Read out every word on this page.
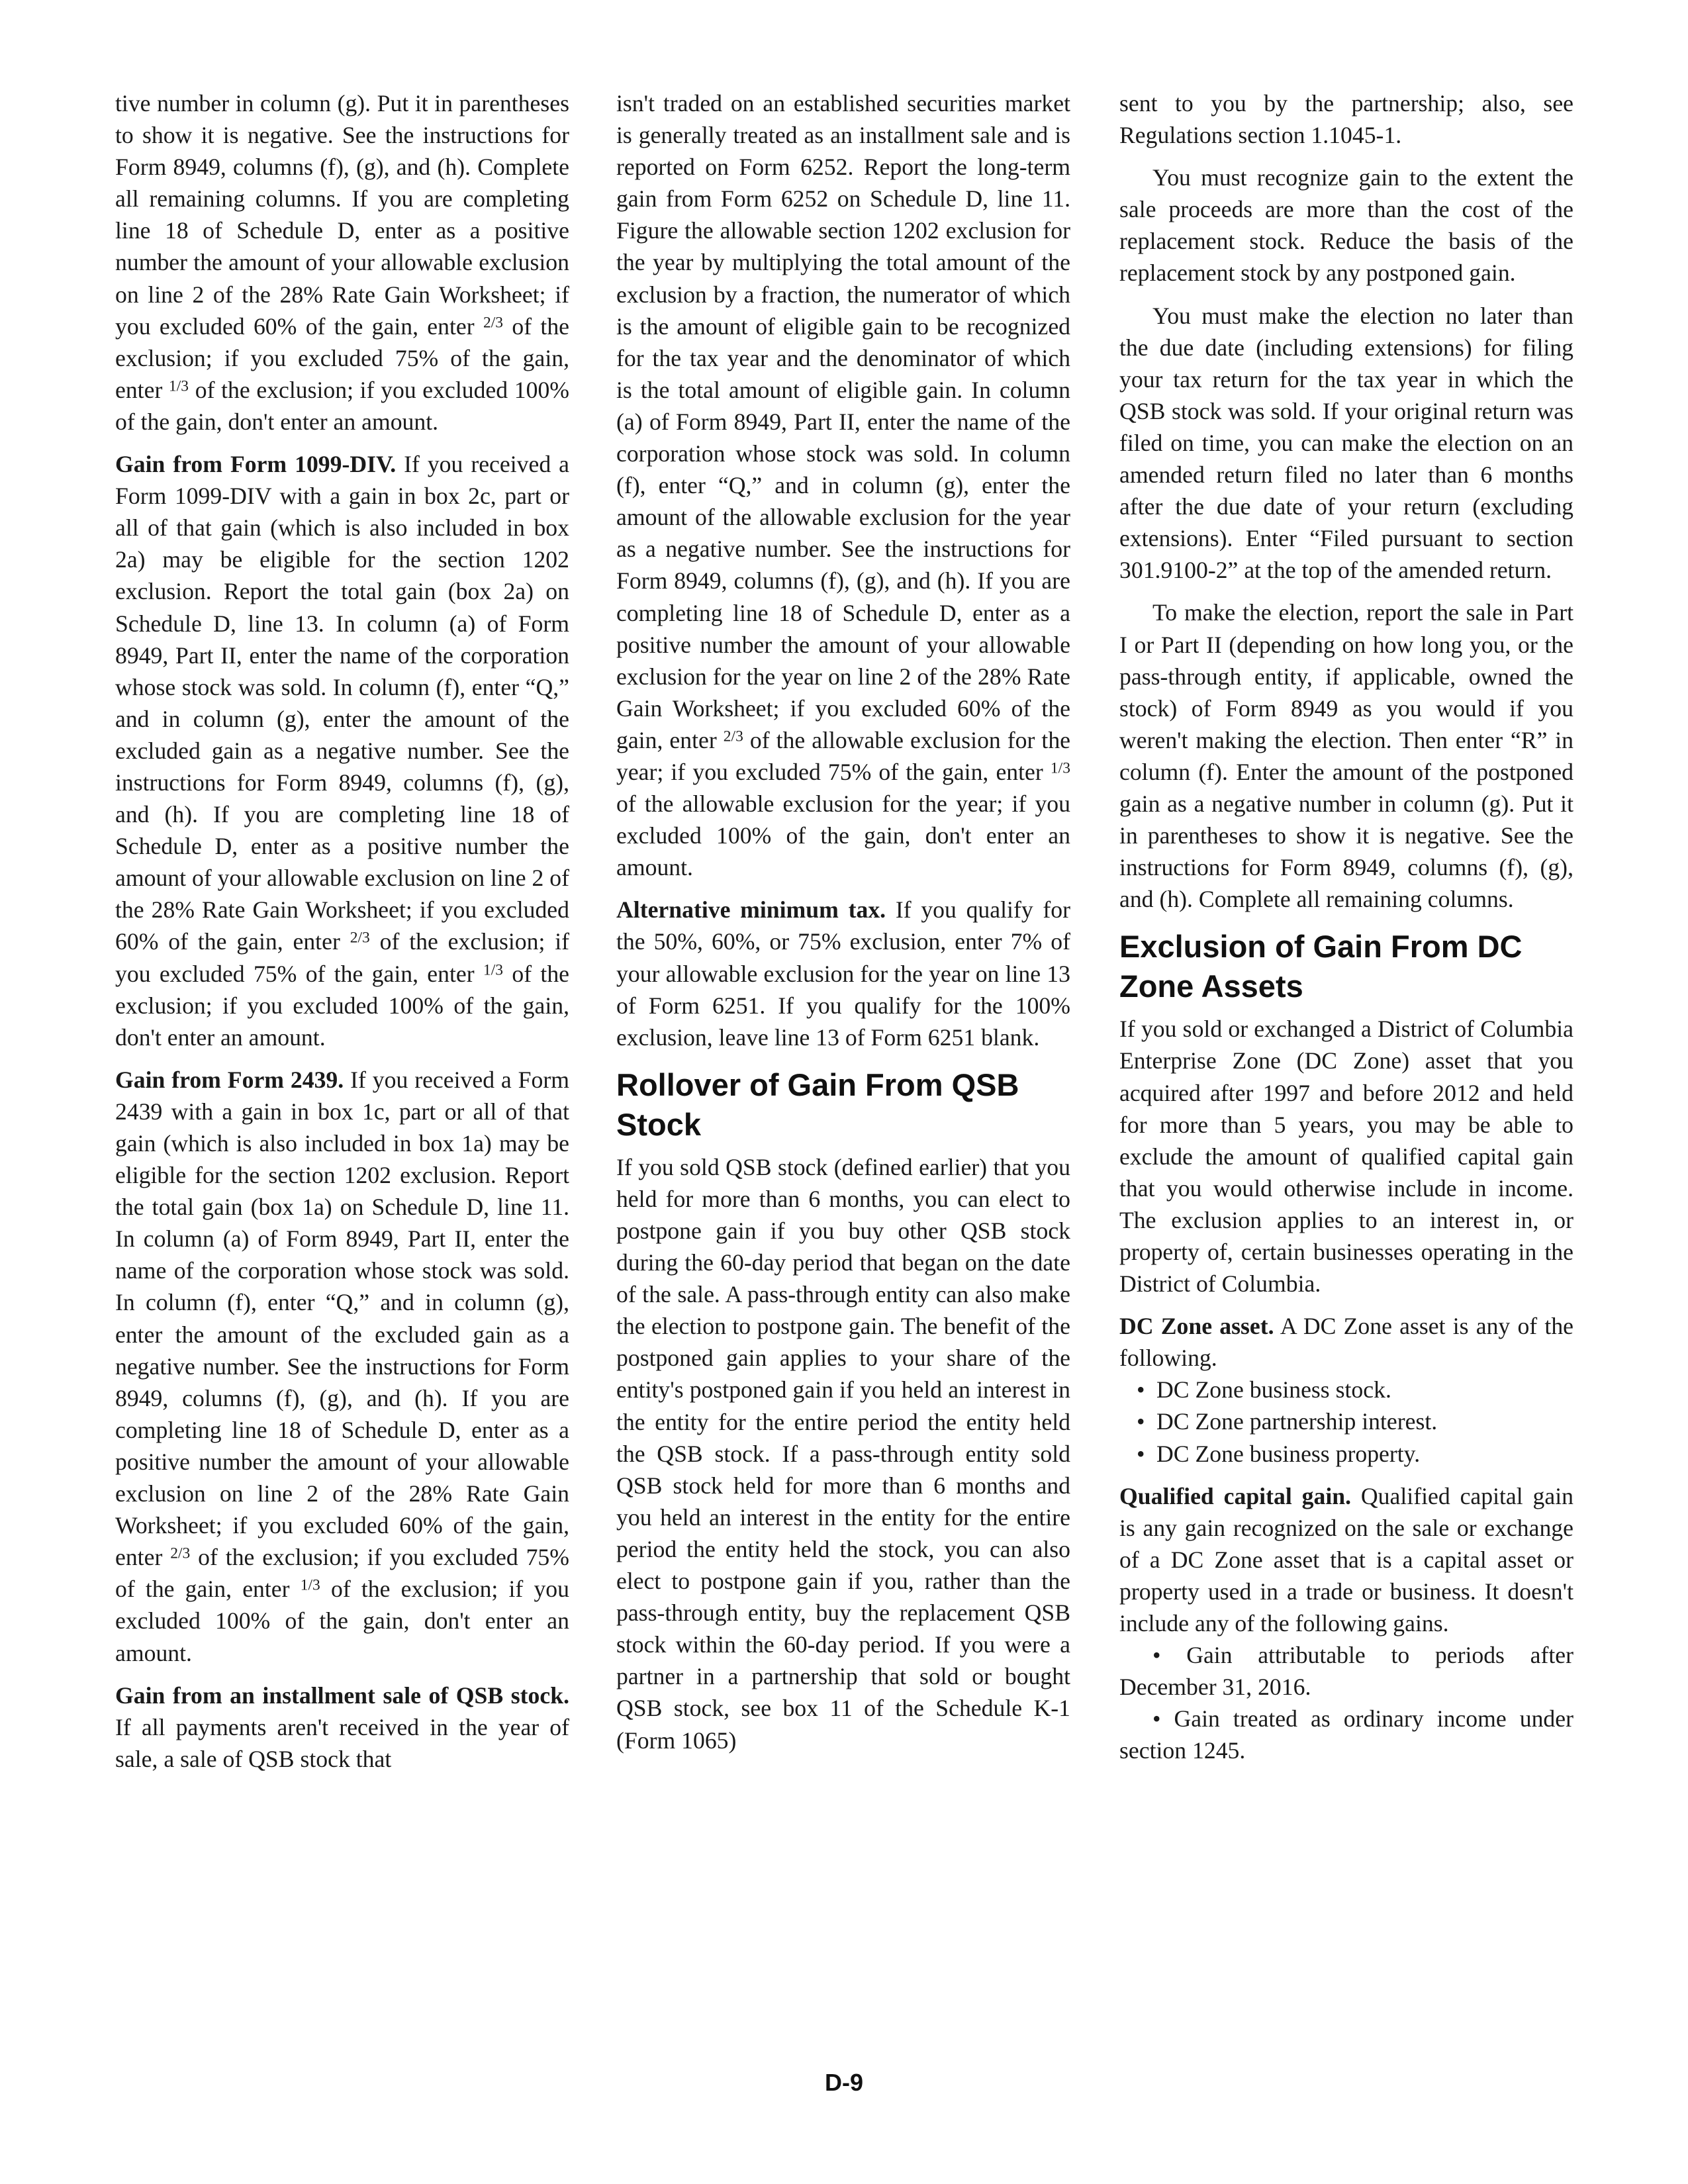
tive number in column (g). Put it in parentheses to show it is negative. See the instructions for Form 8949, columns (f), (g), and (h). Complete all remaining columns. If you are completing line 18 of Schedule D, enter as a positive number the amount of your allowable exclusion on line 2 of the 28% Rate Gain Worksheet; if you excluded 60% of the gain, enter $^{2/3}$ of the exclusion; if you excluded 75% of the gain, enter $^{1/3}$ of the exclusion; if you excluded 100% of the gain, don't enter an amount.

Gain from Form 1099-DIV. If you received a Form 1099-DIV with a gain in box 2c, part or all of that gain (which is also included in box 2a) may be eligible for the section 1202 exclusion. Report the total gain (box 2a) on Schedule D, line 13. In column (a) of Form 8949, Part II, enter the name of the corporation whose stock was sold. In column (f), enter “Q,” and in column (g), enter the amount of the excluded gain as a negative number. See the instructions for Form 8949, columns (f), (g), and (h). If you are completing line 18 of Schedule D, enter as a positive number the amount of your allowable exclusion on line 2 of the 28% Rate Gain Worksheet; if you excluded 60% of the gain, enter $^{2/3}$ of the exclusion; if you excluded 75% of the gain, enter $^{1/3}$ of the exclusion; if you excluded 100% of the gain, don't enter an amount.

Gain from Form 2439. If you received a Form 2439 with a gain in box 1c, part or all of that gain (which is also included in box 1a) may be eligible for the section 1202 exclusion. Report the total gain (box 1a) on Schedule D, line 11. In column (a) of Form 8949, Part II, enter the name of the corporation whose stock was sold. In column (f), enter “Q,” and in column (g), enter the amount of the excluded gain as a negative number. See the instructions for Form 8949, columns (f), (g), and (h). If you are completing line 18 of Schedule D, enter as a positive number the amount of your allowable exclusion on line 2 of the 28% Rate Gain Worksheet; if you excluded 60% of the gain, enter $^{2/3}$ of the exclusion; if you excluded 75% of the gain, enter $^{1/3}$ of the exclusion; if you excluded 100% of the gain, don't enter an amount.

Gain from an installment sale of QSB stock. If all payments aren't received in the year of sale, a sale of QSB stock that

isn't traded on an established securities market is generally treated as an installment sale and is reported on Form 6252. Report the long-term gain from Form 6252 on Schedule D, line 11. Figure the allowable section 1202 exclusion for the year by multiplying the total amount of the exclusion by a fraction, the numerator of which is the amount of eligible gain to be recognized for the tax year and the denominator of which is the total amount of eligible gain. In column (a) of Form 8949, Part II, enter the name of the corporation whose stock was sold. In column (f), enter “Q,” and in column (g), enter the amount of the allowable exclusion for the year as a negative number. See the instructions for Form 8949, columns (f), (g), and (h). If you are completing line 18 of Schedule D, enter as a positive number the amount of your allowable exclusion for the year on line 2 of the 28% Rate Gain Worksheet; if you excluded 60% of the gain, enter $^{2/3}$ of the allowable exclusion for the year; if you excluded 75% of the gain, enter $^{1/3}$ of the allowable exclusion for the year; if you excluded 100% of the gain, don't enter an amount.

Alternative minimum tax. If you qualify for the 50%, 60%, or 75% exclusion, enter 7% of your allowable exclusion for the year on line 13 of Form 6251. If you qualify for the 100% exclusion, leave line 13 of Form 6251 blank.

Rollover of Gain From QSB Stock

If you sold QSB stock (defined earlier) that you held for more than 6 months, you can elect to postpone gain if you buy other QSB stock during the 60-day period that began on the date of the sale. A pass-through entity can also make the election to postpone gain. The benefit of the postponed gain applies to your share of the entity's postponed gain if you held an interest in the entity for the entire period the entity held the QSB stock. If a pass-through entity sold QSB stock held for more than 6 months and you held an interest in the entity for the entire period the entity held the stock, you can also elect to postpone gain if you, rather than the pass-through entity, buy the replacement QSB stock within the 60-day period. If you were a partner in a partnership that sold or bought QSB stock, see box 11 of the Schedule K-1 (Form 1065)

sent to you by the partnership; also, see Regulations section 1.1045-1.

You must recognize gain to the extent the sale proceeds are more than the cost of the replacement stock. Reduce the basis of the replacement stock by any postponed gain.

You must make the election no later than the due date (including extensions) for filing your tax return for the tax year in which the QSB stock was sold. If your original return was filed on time, you can make the election on an amended return filed no later than 6 months after the due date of your return (excluding extensions). Enter “Filed pursuant to section 301.9100-2” at the top of the amended return.

To make the election, report the sale in Part I or Part II (depending on how long you, or the pass-through entity, if applicable, owned the stock) of Form 8949 as you would if you weren't making the election. Then enter “R” in column (f). Enter the amount of the postponed gain as a negative number in column (g). Put it in parentheses to show it is negative. See the instructions for Form 8949, columns (f), (g), and (h). Complete all remaining columns.

Exclusion of Gain From DC Zone Assets

If you sold or exchanged a District of Columbia Enterprise Zone (DC Zone) asset that you acquired after 1997 and before 2012 and held for more than 5 years, you may be able to exclude the amount of qualified capital gain that you would otherwise include in income. The exclusion applies to an interest in, or property of, certain businesses operating in the District of Columbia.

DC Zone asset. A DC Zone asset is any of the following.

• DC Zone business stock.
• DC Zone partnership interest.
• DC Zone business property.

Qualified capital gain. Qualified capital gain is any gain recognized on the sale or exchange of a DC Zone asset that is a capital asset or property used in a trade or business. It doesn't include any of the following gains.

• Gain attributable to periods after December 31, 2016.

• Gain treated as ordinary income under section 1245.

D-9
